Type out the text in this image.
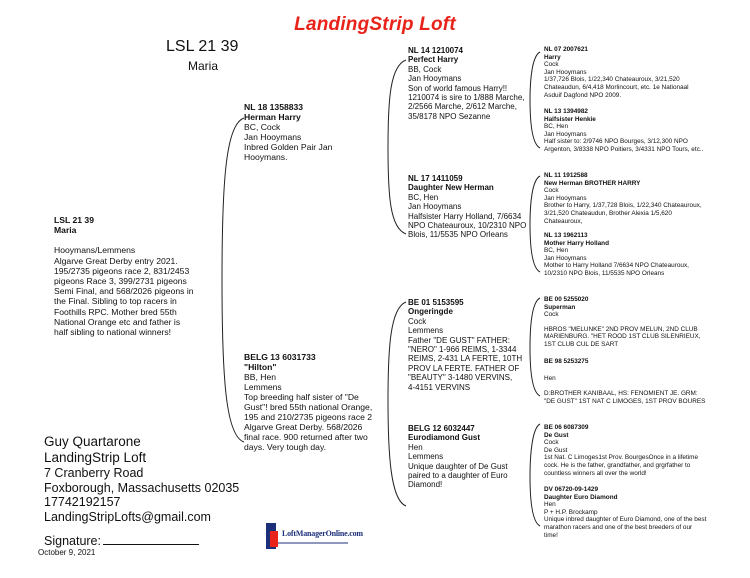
LandingStrip Loft
LSL 21 39
Maria
LSL 21 39
Maria
Hooymans/Lemmens
Algarve Great Derby entry 2021.
195/2735 pigeons race 2, 831/2453
pigeons Race 3, 399/2731 pigeons
Semi Final, and 568/2026 pigeons in
the Final. Sibling to top racers in
Foothills RPC. Mother bred 55th
National Orange etc and father is
half sibling to national winners!
NL 18 1358833
Herman Harry
BC, Cock
Jan Hooymans
Inbred Golden Pair Jan
Hooymans.
BELG 13 6031733
"Hilton"
BB, Hen
Lemmens
Top breeding half sister of "De
Gust"! bred 55th national Orange,
195 and 210/2735 pigeons race 2
Algarve Great Derby. 568/2026
final race. 900 returned after two
days. Very tough day.
NL 14 1210074
Perfect Harry
BB, Cock
Jan Hooymans
Son of world famous Harry!!
1210074 is sire to 1/888 Marche,
2/2566 Marche, 2/612 Marche,
35/8178 NPO Sezanne
NL 17 1411059
Daughter New Herman
BC, Hen
Jan Hooymans
Halfsister Harry Holland, 7/6634
NPO Chateauroux, 10/2310 NPO
Blois, 11/5535 NPO Orleans
BE 01 5153595
Ongeringde
Cock
Lemmens
Father "DE GUST" FATHER:
"NERO" 1-966 REIMS, 1-3344
REIMS, 2-431 LA FERTE, 10TH
PROV LA FERTE. FATHER OF
"BEAUTY" 3-1480 VERVINS,
4-4151 VERVINS
BELG 12 6032447
Eurodiamond Gust
Hen
Lemmens
Unique daughter of De Gust
paired to a daughter of Euro
Diamond!
NL 07 2007621
Harry
Cock
Jan Hooymans
1/37,726 Blois, 1/22,340 Chateauroux, 3/21,520
Chateaudun, 6/4,418 Morlincourt, etc. 1e Nationaal
Asduif Dagfond NPO 2009.
NL 13 1394982
Halfsister Henkie
BC, Hen
Jan Hooymans
Half sister to: 2/9746 NPO Bourges, 3/12,300 NPO
Argenton, 3/8338 NPO Poitiers, 3/4331 NPO Tours, etc..
NL 11 1912588
New Herman BROTHER HARRY
Cock
Jan Hooymans
Brother to Harry, 1/37,728 Blois, 1/22,340 Chateauroux,
3/21,520 Chateaudun, Brother Alexia 1/5,620
Chateauroux,
NL 13 1962113
Mother Harry Holland
BC, Hen
Jan Hooymans
Mother to Harry Holland 7/6634 NPO Chateauroux,
10/2310 NPO Blois, 11/5535 NPO Orleans
BE 00 5255020
Superman
Cock
HBROS "MELUNKE" 2ND PROV MELUN, 2ND CLUB
MARIENBURG. "HET ROOD 1ST CLUB SILENRIEUX,
1ST CLUB CUL DE SART
BE 98 5253275
Hen
D:BROTHER KANIBAAL, HS: FENOMIENT JE. GRM:
"DE GUST" 1ST NAT C LIMOGES, 1ST PROV BOURES
BE 06 6087309
De Gust
Cock
De Gust
1st Nat. C Limoges1st Prov. BourgesOnce in a lifetime
cock. He is the father, grandfather, and grgrfather to
countless winners all over the world!
DV 06720-09-1429
Daughter Euro Diamond
Hen
P + H.P. Brockamp
Unique inbred daughter of Euro Diamond, one of the best
marathon racers and one of the best breeders of our
time!
Guy Quartarone
LandingStrip Loft
7 Cranberry Road
Foxborough, Massachusetts 02035
17742192157
LandingStripLofts@gmail.com
Signature:
October 9, 2021
LoftManagerOnline.com
